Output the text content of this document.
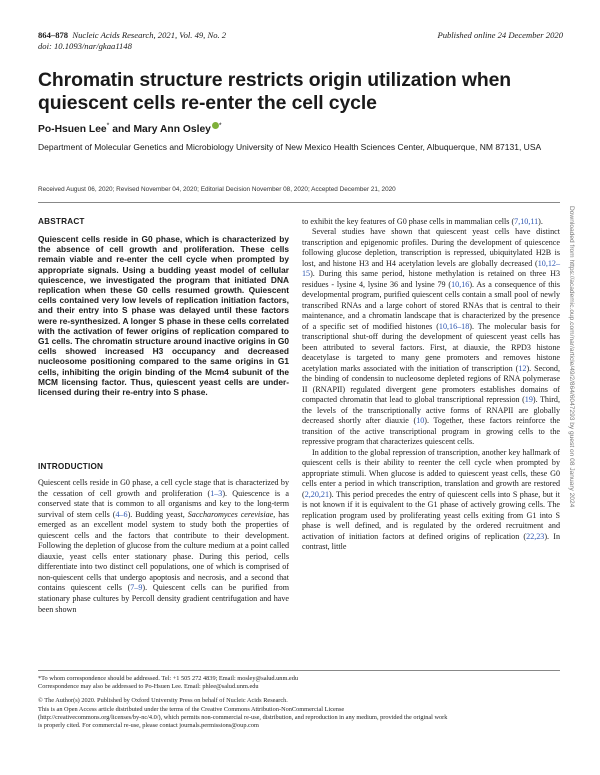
864–878 Nucleic Acids Research, 2021, Vol. 49, No. 2
doi: 10.1093/nar/gkaa1148
Published online 24 December 2020
Chromatin structure restricts origin utilization when quiescent cells re-enter the cell cycle
Po-Hsuen Lee* and Mary Ann Osley *
Department of Molecular Genetics and Microbiology University of New Mexico Health Sciences Center, Albuquerque, NM 87131, USA
Received August 06, 2020; Revised November 04, 2020; Editorial Decision November 08, 2020; Accepted December 21, 2020
ABSTRACT

Quiescent cells reside in G0 phase, which is characterized by the absence of cell growth and proliferation. These cells remain viable and re-enter the cell cycle when prompted by appropriate signals. Using a budding yeast model of cellular quiescence, we investigated the program that initiated DNA replication when these G0 cells resumed growth. Quiescent cells contained very low levels of replication initiation factors, and their entry into S phase was delayed until these factors were re-synthesized. A longer S phase in these cells correlated with the activation of fewer origins of replication compared to G1 cells. The chromatin structure around inactive origins in G0 cells showed increased H3 occupancy and decreased nucleosome positioning compared to the same origins in G1 cells, inhibiting the origin binding of the Mcm4 subunit of the MCM licensing factor. Thus, quiescent yeast cells are under-licensed during their re-entry into S phase.

INTRODUCTION

Quiescent cells reside in G0 phase, a cell cycle stage that is characterized by the cessation of cell growth and proliferation (1–3). Quiescence is a conserved state that is common to all organisms and key to the long-term survival of stem cells (4–6). Budding yeast, Saccharomyces cerevisiae, has emerged as an excellent model system to study both the properties of quiescent cells and the factors that contribute to their development. Following the depletion of glucose from the culture medium at a point called diauxie, yeast cells enter stationary phase. During this period, cells differentiate into two distinct cell populations, one of which is comprised of non-quiescent cells that undergo apoptosis and necrosis, and a second that contains quiescent cells (7–9). Quiescent cells can be purified from stationary phase cultures by Percoll density gradient centrifugation and have been shown

to exhibit the key features of G0 phase cells in mammalian cells (7,10,11).

Several studies have shown that quiescent yeast cells have distinct transcription and epigenomic profiles. During the development of quiescence following glucose depletion, transcription is repressed, ubiquitylated H2B is lost, and histone H3 and H4 acetylation levels are globally decreased (10,12–15). During this same period, histone methylation is retained on three H3 residues - lysine 4, lysine 36 and lysine 79 (10,16). As a consequence of this developmental program, purified quiescent cells contain a small pool of newly transcribed RNAs and a large cohort of stored RNAs that is central to their maintenance, and a chromatin landscape that is characterized by the presence of a specific set of modified histones (10,16–18). The molecular basis for transcriptional shut-off during the development of quiescent yeast cells has been attributed to several factors. First, at diauxie, the RPD3 histone deacetylase is targeted to many gene promoters and removes histone acetylation marks associated with the initiation of transcription (12). Second, the binding of condensin to nucleosome depleted regions of RNA polymerase II (RNAPII) regulated divergent gene promoters establishes domains of compacted chromatin that lead to global transcriptional repression (19). Third, the levels of the transcriptionally active forms of RNAPII are globally decreased shortly after diauxie (10). Together, these factors reinforce the transition of the active transcriptional program in growing cells to the repressive program that characterizes quiescent cells.

In addition to the global repression of transcription, another key hallmark of quiescent cells is their ability to reenter the cell cycle when prompted by appropriate stimuli. When glucose is added to quiescent yeast cells, these G0 cells enter a period in which transcription, translation and growth are restored (2,20,21). This period precedes the entry of quiescent cells into S phase, but it is not known if it is equivalent to the G1 phase of actively growing cells. The replication program used by proliferating yeast cells exiting from G1 into S phase is well defined, and is regulated by the ordered recruitment and activation of initiation factors at defined origins of replication (22,23). In contrast, little

Downloaded from https://academic.oup.com/nar/article/49/2/864/6047293 by guest on 08 January 2024

*To whom correspondence should be addressed. Tel: +1 505 272 4839; Email: mosley@salud.unm.edu

Correspondence may also be addressed to Po-Hsuen Lee. Email: phlee@salud.unm.edu

© The Author(s) 2020. Published by Oxford University Press on behalf of Nucleic Acids Research.

This is an Open Access article distributed under the terms of the Creative Commons Attribution-NonCommercial License

(http://creativecommons.org/licenses/by-nc/4.0/), which permits non-commercial re-use, distribution, and reproduction in any medium, provided the original work

is properly cited. For commercial re-use, please contact journals.permissions@oup.com
